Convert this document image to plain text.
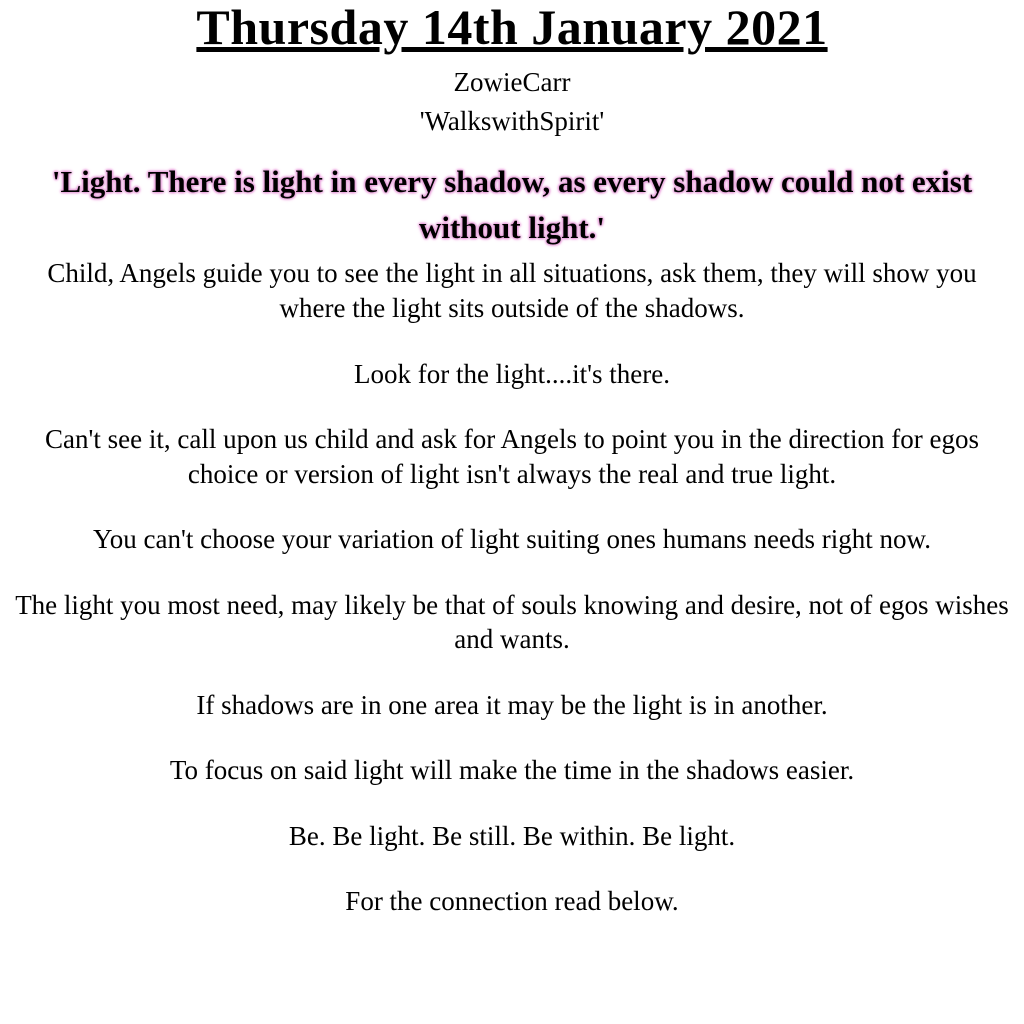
Thursday 14th January 2021
ZowieCarr
'WalkswithSpirit'
'Light. There is light in every shadow, as every shadow could not exist without light.'

Child, Angels guide you to see the light in all situations, ask them, they will show you where the light sits outside of the shadows.

Look for the light....it's there.

Can't see it, call upon us child and ask for Angels to point you in the direction for egos choice or version of light isn't always the real and true light.

You can't choose your variation of light suiting ones humans needs right now.

The light you most need, may likely be that of souls knowing and desire, not of egos wishes and wants.

If shadows are in one area it may be the light is in another.

To focus on said light will make the time in the shadows easier.

Be. Be light. Be still. Be within. Be light.

For the connection read below.
